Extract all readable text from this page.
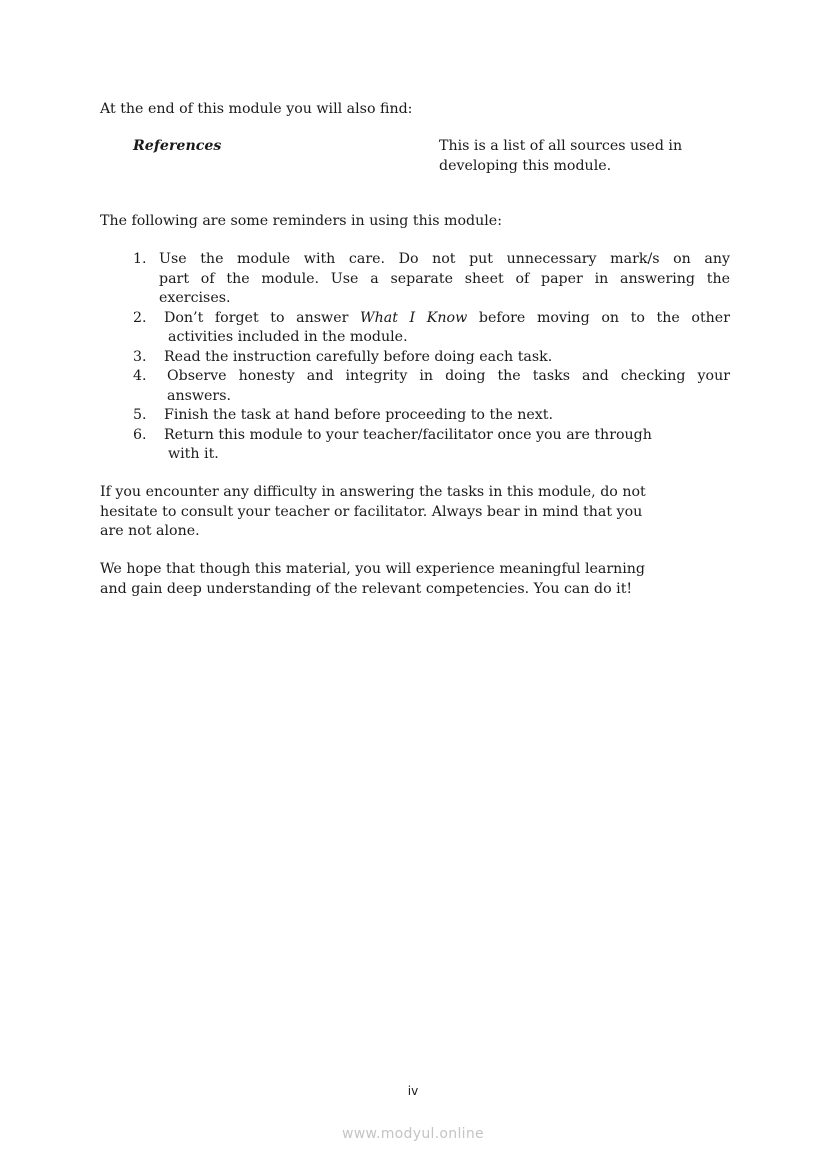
At the end of this module you will also find:
References	This is a list of all sources used in
developing this module.
The following are some reminders in using this module:
1. Use the module with care. Do not put unnecessary mark/s on any
part of the module. Use a separate sheet of paper in answering the
exercises.
2. Don’t forget to answer What I Know before moving on to the other
activities included in the module.
3. Read the instruction carefully before doing each task.
4. Observe honesty and integrity in doing the tasks and checking your
answers.
5. Finish the task at hand before proceeding to the next.
6. Return this module to your teacher/facilitator once you are through
with it.
If you encounter any difficulty in answering the tasks in this module, do not
hesitate to consult your teacher or facilitator. Always bear in mind that you
are not alone.
We hope that though this material, you will experience meaningful learning
and gain deep understanding of the relevant competencies. You can do it!
iv
www.modyul.online
